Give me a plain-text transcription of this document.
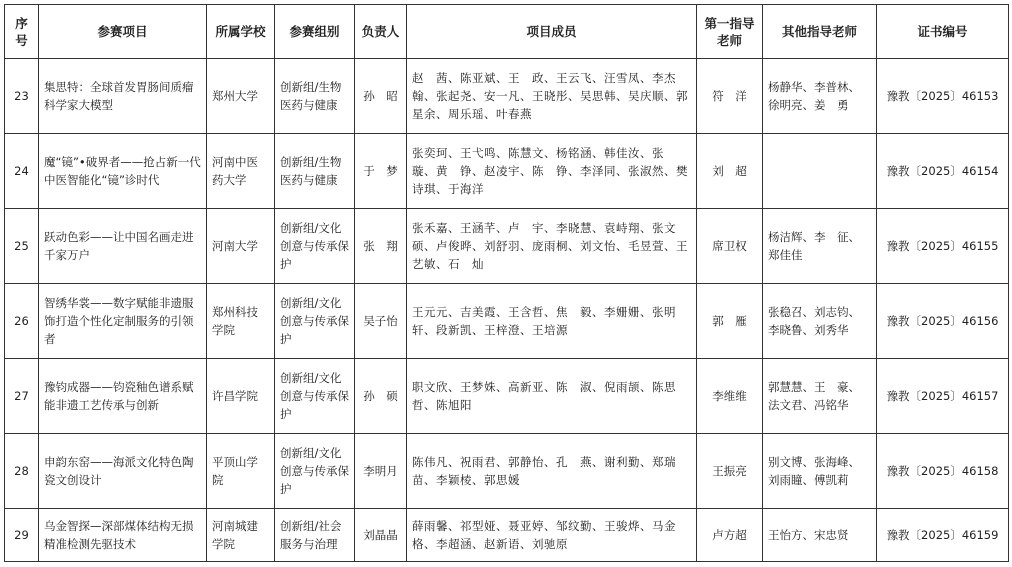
序号	参赛项目	所属学校	参赛组别	负责人	项目成员	第一指导老师	其他指导老师	证书编号
23	集思特：全球首发胃肠间质瘤科学家大模型	郑州大学	创新组/生物医药与健康	孙　昭	赵　茜、陈亚斌、王　政、王云飞、汪雪凤、李杰翰、张起尧、安一凡、王晓彤、吴思韩、吴庆顺、郭星余、周乐瑶、叶春燕	符　洋	杨静华、李普林、徐明亮、姜　勇	豫教〔2025〕46153
24	魔“镜”•破界者——抢占新一代中医智能化“镜”诊时代	河南中医药大学	创新组/生物医药与健康	于　梦	张奕珂、王弋鸣、陈慧文、杨铭涵、韩佳汝、张　璇、黄　铮、赵凌宇、陈　铮、李泽同、张淑然、樊诗琪、于海洋	刘　超		豫教〔2025〕46154
25	跃动色彩——让中国名画走进千家万户	河南大学	创新组/文化创意与传承保护	张　翔	张禾嘉、王涵芊、卢　宇、李晓慧、袁峙翔、张文硕、卢俊晔、刘舒羽、庞雨桐、刘文怡、毛昱萱、王艺敏、石　灿	席卫权	杨洁辉、李　征、郑佳佳	豫教〔2025〕46155
26	智绣华裳——数字赋能非遗服饰打造个性化定制服务的引领者	郑州科技学院	创新组/文化创意与传承保护	吴子怡	王元元、吉美霞、王含哲、焦　毅、李姗姗、张明轩、段新凯、王梓澄、王培源	郭　雁	张稳召、刘志钧、李晓鲁、刘秀华	豫教〔2025〕46156
27	豫钧成器——钧瓷釉色谱系赋能非遗工艺传承与创新	许昌学院	创新组/文化创意与传承保护	孙　硕	职文欣、王梦姝、高新亚、陈　淑、倪雨颉、陈思哲、陈旭阳	李维维	郭慧慧、王　豪、法文君、冯铭华	豫教〔2025〕46157
28	申韵东窑——海派文化特色陶瓷文创设计	平顶山学院	创新组/文化创意与传承保护	李明月	陈伟凡、祝雨君、郭静怡、孔　燕、谢利勤、郑瑞苗、李颖棱、郭思媛	王振亮	别文博、张海峰、刘雨瞳、傅凯莉	豫教〔2025〕46158
29	乌金智探—深部煤体结构无损精准检测先驱技术	河南城建学院	创新组/社会服务与治理	刘晶晶	薛雨馨、祁型娅、聂亚婷、邹纹勤、王骏烨、马金格、李超涵、赵新语、刘驰原	卢方超	王怡方、宋忠贤	豫教〔2025〕46159
